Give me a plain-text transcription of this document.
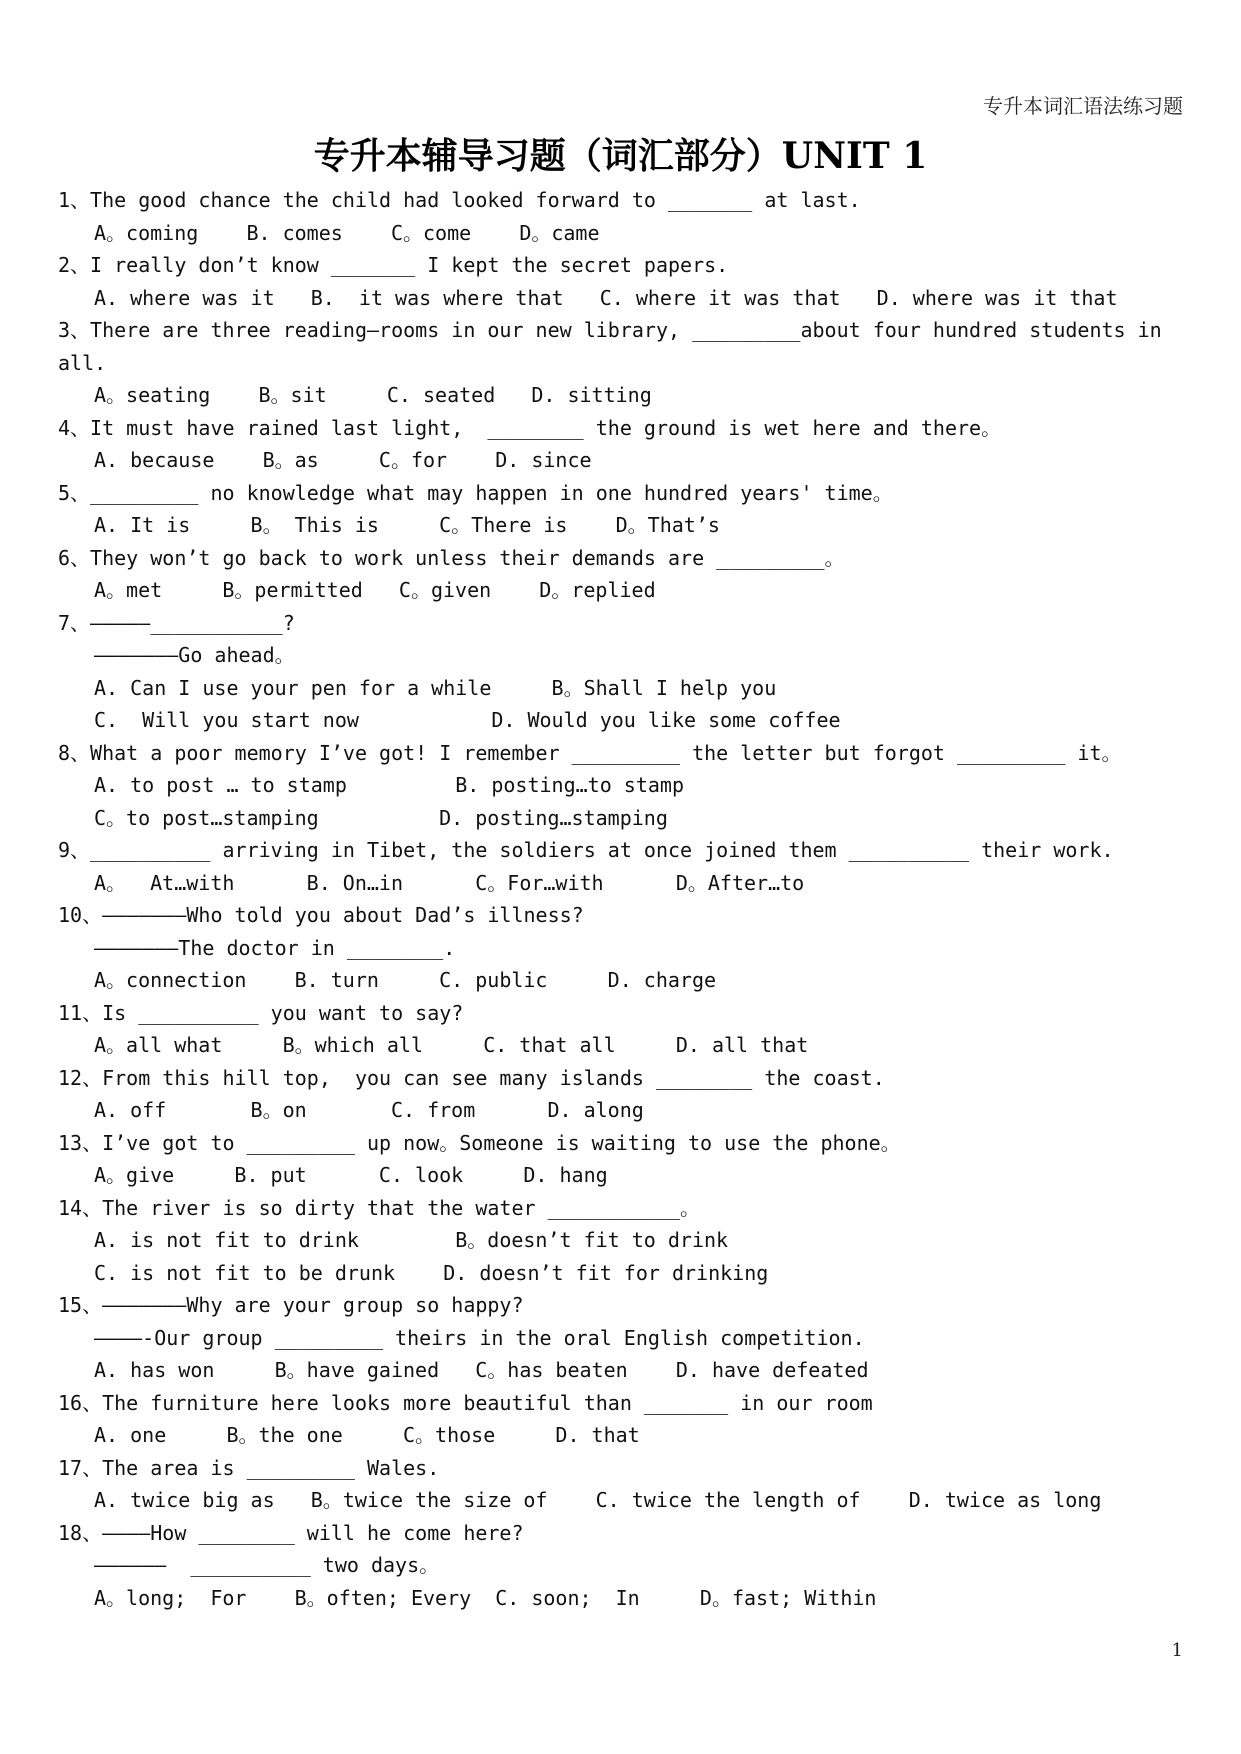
专升本词汇语法练习题
专升本辅导习题（词汇部分）UNIT 1
1、The good chance the child had looked forward to _______ at last.
A。coming    B. comes    C。come    D。came
2、I really don’t know _______ I kept the secret papers.
A. where was it   B.  it was where that   C. where it was that   D. where was it that
3、There are three reading—rooms in our new library, _________about four hundred students in
all.
A。seating    B。sit     C. seated   D. sitting
4、It must have rained last light,  ________ the ground is wet here and there。
A. because    B。as     C。for    D. since
5、_________ no knowledge what may happen in one hundred years' time。
A. It is     B。 This is     C。There is    D。That’s
6、They won’t go back to work unless their demands are _________。
A。met     B。permitted   C。given    D。replied
7、—————___________?
———————Go ahead。
A. Can I use your pen for a while     B。Shall I help you
C.  Will you start now           D. Would you like some coffee
8、What a poor memory I’ve got! I remember _________ the letter but forgot _________ it。
A. to post … to stamp         B. posting…to stamp
C。to post…stamping          D. posting…stamping
9、__________ arriving in Tibet, the soldiers at once joined them __________ their work.
A。  At…with      B. On…in      C。For…with      D。After…to
10、———————Who told you about Dad’s illness?
———————The doctor in ________.
A。connection    B. turn     C. public     D. charge
11、Is __________ you want to say?
A。all what     B。which all     C. that all     D. all that
12、From this hill top,  you can see many islands ________ the coast.
A. off       B。on       C. from      D. along
13、I’ve got to _________ up now。Someone is waiting to use the phone。
A。give     B. put      C. look     D. hang
14、The river is so dirty that the water ___________。
A. is not fit to drink        B。doesn’t fit to drink
C. is not fit to be drunk    D. doesn’t fit for drinking
15、———————Why are your group so happy?
————-Our group _________ theirs in the oral English competition.
A. has won     B。have gained   C。has beaten    D. have defeated
16、The furniture here looks more beautiful than _______ in our room
A. one     B。the one     C。those     D. that
17、The area is _________ Wales.
A. twice big as   B。twice the size of    C. twice the length of    D. twice as long
18、————How ________ will he come here?
——————  __________ two days。
A。long;  For    B。often; Every  C. soon;  In     D。fast; Within
1
